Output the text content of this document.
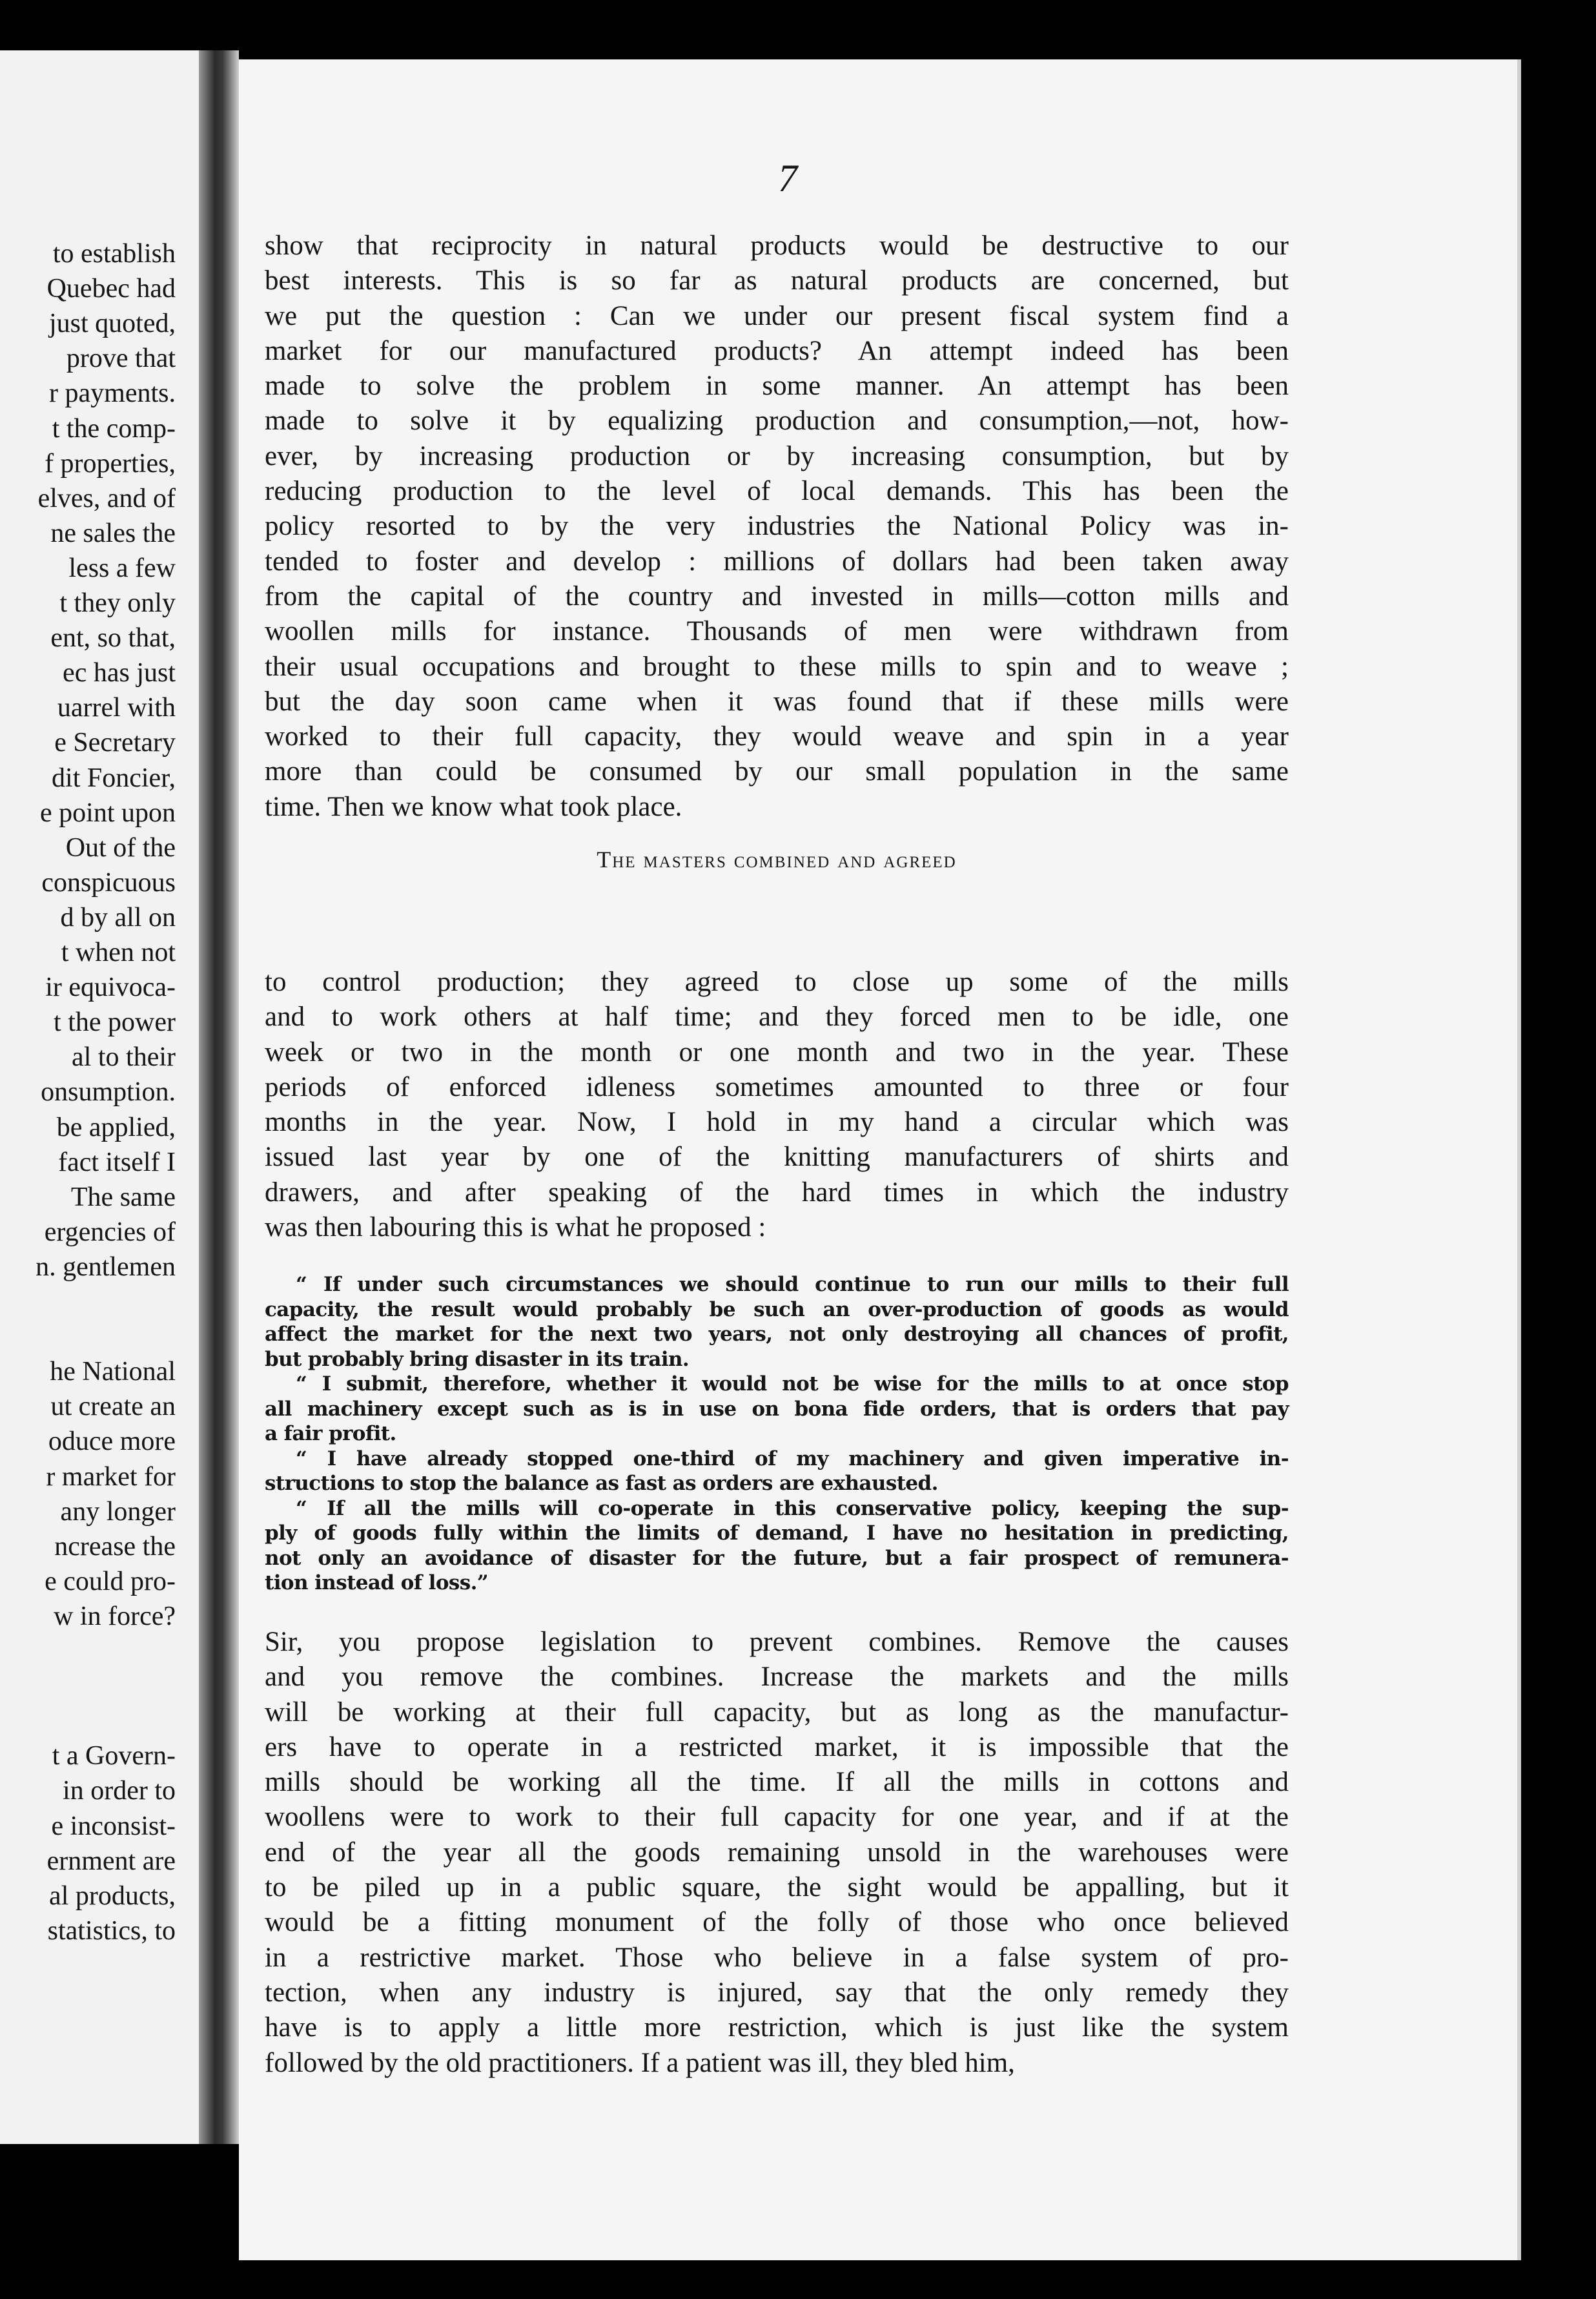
to establish
Quebec had
just quoted,
prove that
r payments.
t the comp-
f properties,
elves, and of
ne sales the
less a few
t they only
ent, so that,
ec has just
uarrel with
e Secretary
dit Foncier,
e point upon
Out of the
conspicuous
d by all on
t when not
ir equivoca-
t the power
al to their
onsumption.
be applied,
fact itself I
The same
ergencies of
n. gentlemen
he National
ut create an
oduce more
r market for
any longer
ncrease the
e could pro-
w in force?
t a Govern-
in order to
e inconsist-
ernment are
al products,
statistics, to
7
show that reciprocity in natural products would be destructive to our
best interests. This is so far as natural products are concerned, but
we put the question : Can we under our present fiscal system find a
market for our manufactured products? An attempt indeed has been
made to solve the problem in some manner. An attempt has been
made to solve it by equalizing production and consumption,—not, how-
ever, by increasing production or by increasing consumption, but by
reducing production to the level of local demands. This has been the
policy resorted to by the very industries the National Policy was in-
tended to foster and develop : millions of dollars had been taken away
from the capital of the country and invested in mills—cotton mills and
woollen mills for instance. Thousands of men were withdrawn from
their usual occupations and brought to these mills to spin and to weave ;
but the day soon came when it was found that if these mills were
worked to their full capacity, they would weave and spin in a year
more than could be consumed by our small population in the same
time. Then we know what took place.
The masters combined and agreed
to control production; they agreed to close up some of the mills
and to work others at half time; and they forced men to be idle, one
week or two in the month or one month and two in the year. These
periods of enforced idleness sometimes amounted to three or four
months in the year. Now, I hold in my hand a circular which was
issued last year by one of the knitting manufacturers of shirts and
drawers, and after speaking of the hard times in which the industry
was then labouring this is what he proposed :
“ If under such circumstances we should continue to run our mills to their full
capacity, the result would probably be such an over-production of goods as would
affect the market for the next two years, not only destroying all chances of profit,
but probably bring disaster in its train.
“ I submit, therefore, whether it would not be wise for the mills to at once stop
all machinery except such as is in use on bona fide orders, that is orders that pay
a fair profit.
“ I have already stopped one-third of my machinery and given imperative in-
structions to stop the balance as fast as orders are exhausted.
“ If all the mills will co-operate in this conservative policy, keeping the sup-
ply of goods fully within the limits of demand, I have no hesitation in predicting,
not only an avoidance of disaster for the future, but a fair prospect of remunera-
tion instead of loss.”
Sir, you propose legislation to prevent combines. Remove the causes
and you remove the combines. Increase the markets and the mills
will be working at their full capacity, but as long as the manufactur-
ers have to operate in a restricted market, it is impossible that the
mills should be working all the time. If all the mills in cottons and
woollens were to work to their full capacity for one year, and if at the
end of the year all the goods remaining unsold in the warehouses were
to be piled up in a public square, the sight would be appalling, but it
would be a fitting monument of the folly of those who once believed
in a restrictive market. Those who believe in a false system of pro-
tection, when any industry is injured, say that the only remedy they
have is to apply a little more restriction, which is just like the system
followed by the old practitioners. If a patient was ill, they bled him,
